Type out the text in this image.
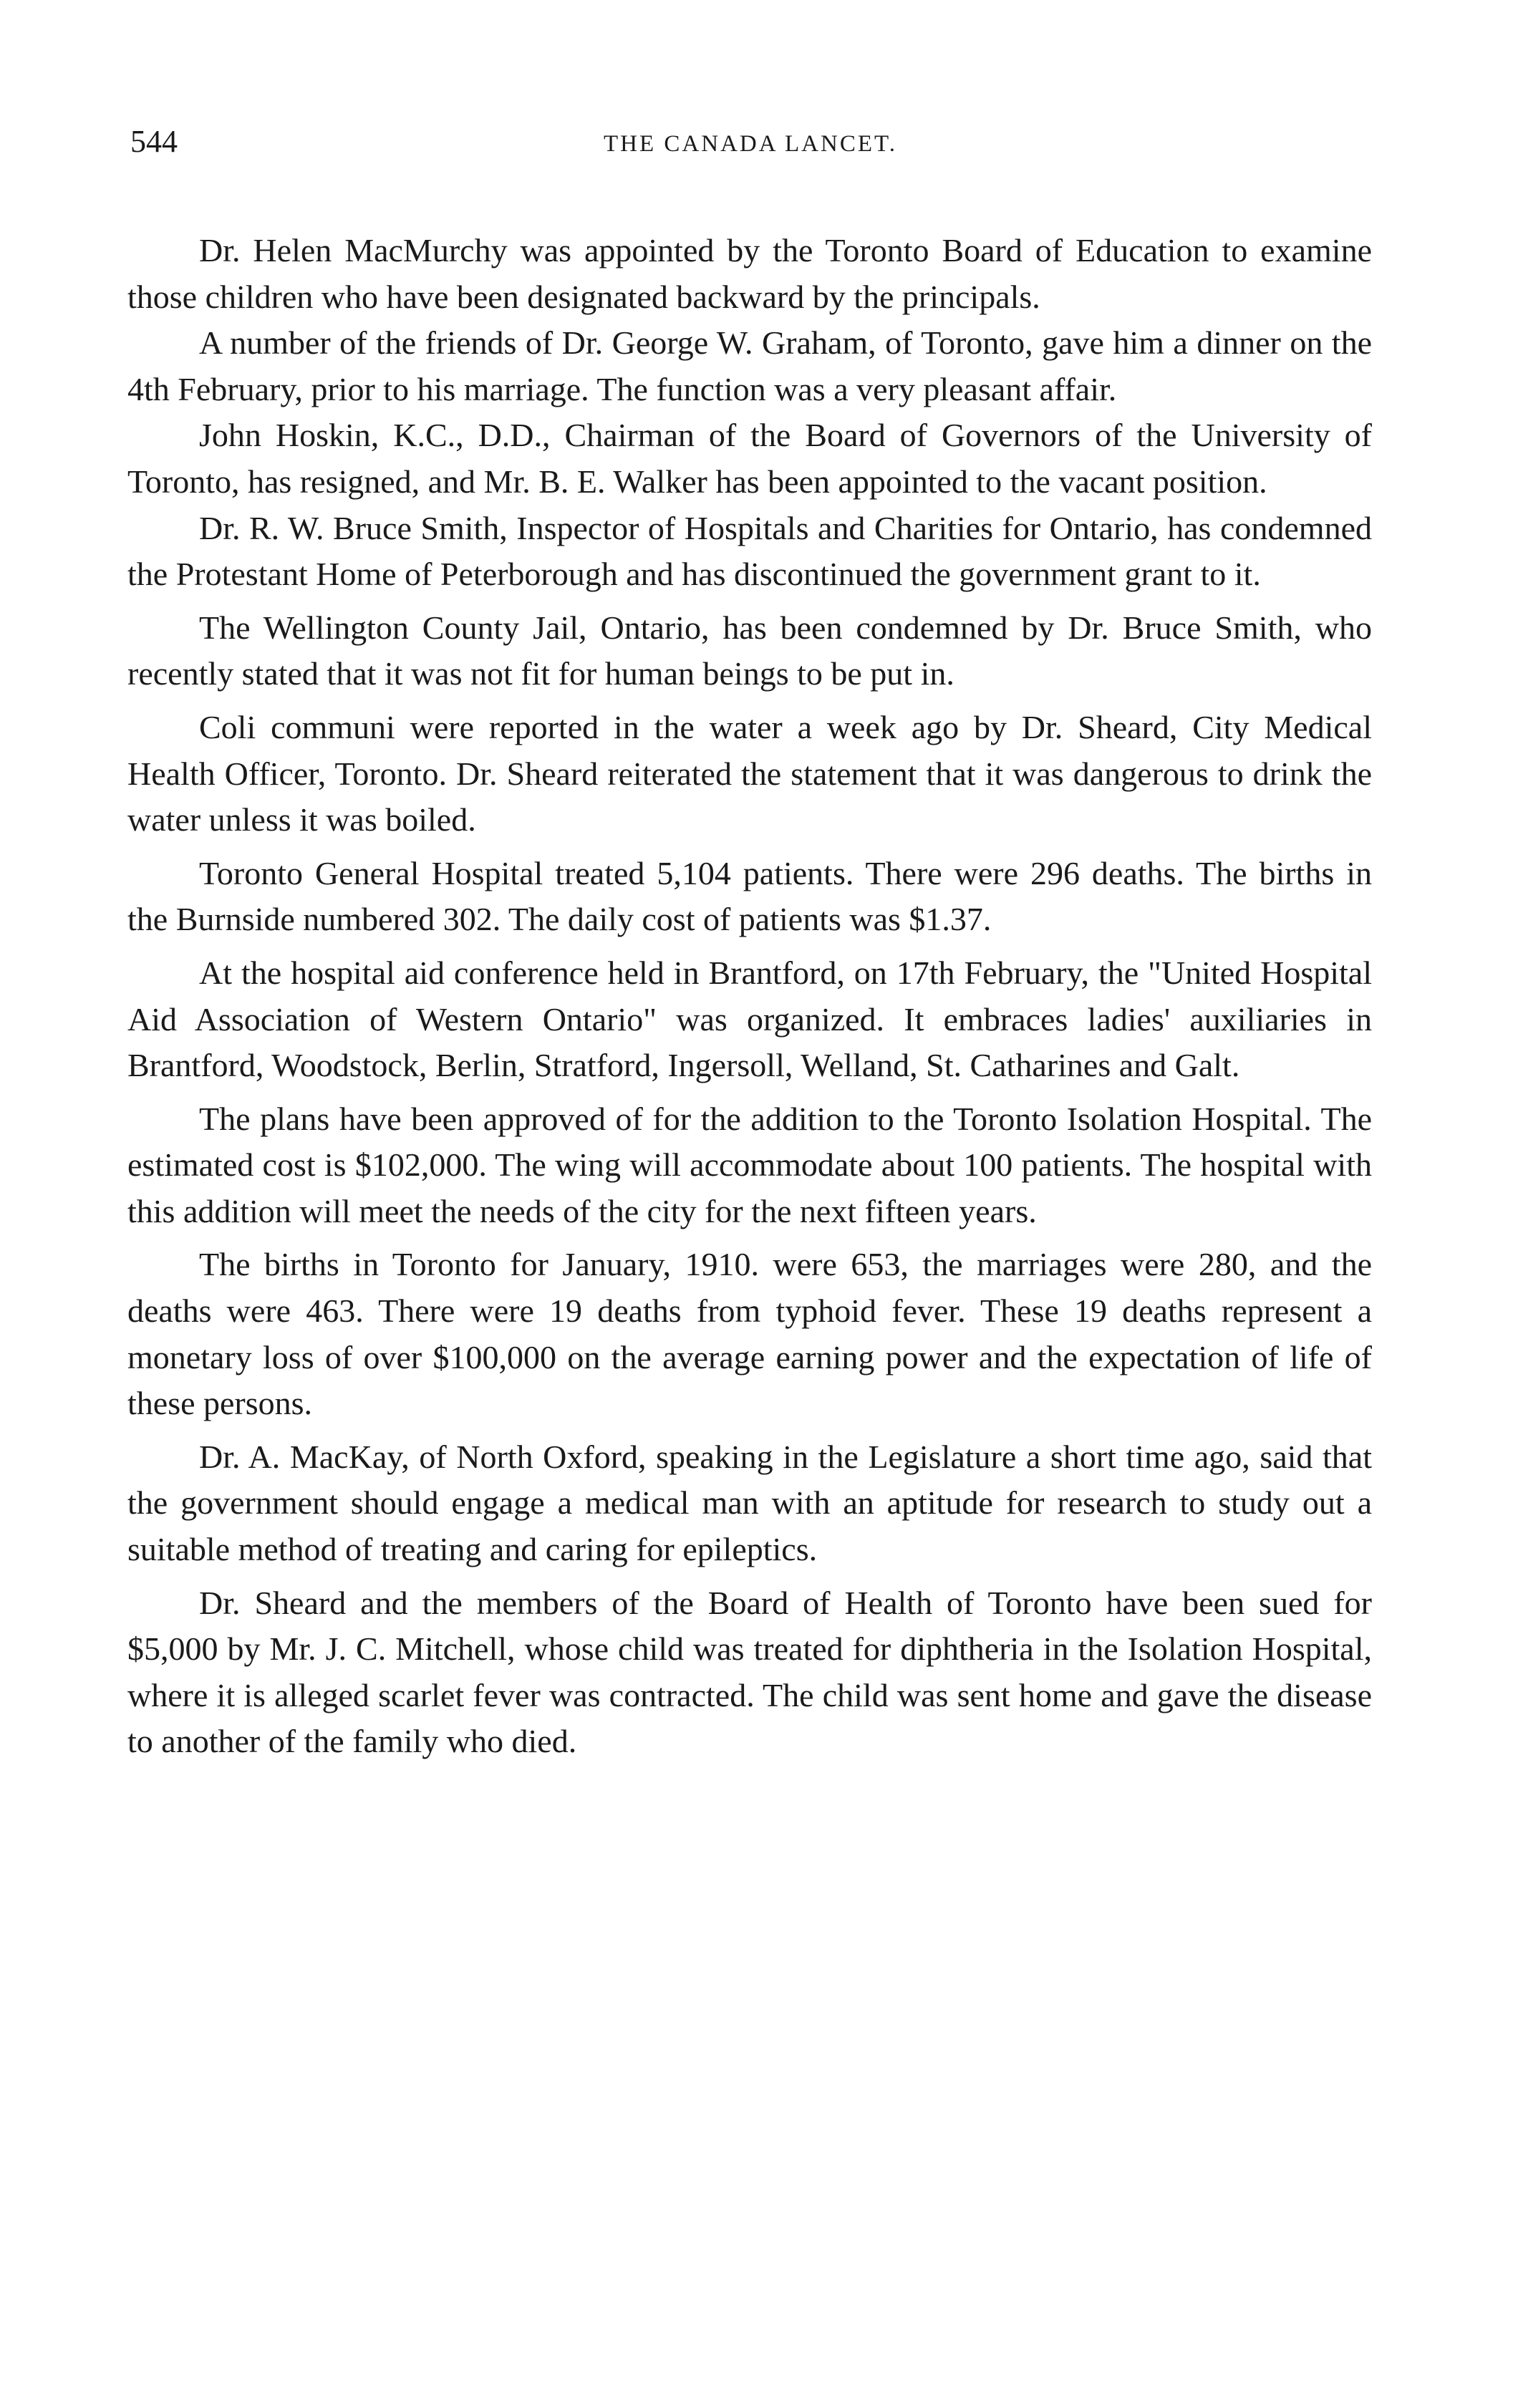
544	THE CANADA LANCET.

Dr. Helen MacMurchy was appointed by the Toronto Board of Education to examine those children who have been designated backward by the principals.

A number of the friends of Dr. George W. Graham, of Toronto, gave him a dinner on the 4th February, prior to his marriage. The function was a very pleasant affair.

John Hoskin, K.C., D.D., Chairman of the Board of Governors of the University of Toronto, has resigned, and Mr. B. E. Walker has been appointed to the vacant position.

Dr. R. W. Bruce Smith, Inspector of Hospitals and Charities for Ontario, has condemned the Protestant Home of Peterborough and has discontinued the government grant to it.

The Wellington County Jail, Ontario, has been condemned by Dr. Bruce Smith, who recently stated that it was not fit for human beings to be put in.

Coli communi were reported in the water a week ago by Dr. Sheard, City Medical Health Officer, Toronto. Dr. Sheard reiterated the statement that it was dangerous to drink the water unless it was boiled.

Toronto General Hospital treated 5,104 patients. There were 296 deaths. The births in the Burnside numbered 302. The daily cost of patients was $1.37.

At the hospital aid conference held in Brantford, on 17th February, the "United Hospital Aid Association of Western Ontario" was organized. It embraces ladies' auxiliaries in Brantford, Woodstock, Berlin, Stratford, Ingersoll, Welland, St. Catharines and Galt.

The plans have been approved of for the addition to the Toronto Isolation Hospital. The estimated cost is $102,000. The wing will accommodate about 100 patients. The hospital with this addition will meet the needs of the city for the next fifteen years.

The births in Toronto for January, 1910. were 653, the marriages were 280, and the deaths were 463. There were 19 deaths from typhoid fever. These 19 deaths represent a monetary loss of over $100,000 on the average earning power and the expectation of life of these persons.

Dr. A. MacKay, of North Oxford, speaking in the Legislature a short time ago, said that the government should engage a medical man with an aptitude for research to study out a suitable method of treating and caring for epileptics.

Dr. Sheard and the members of the Board of Health of Toronto have been sued for $5,000 by Mr. J. C. Mitchell, whose child was treated for diphtheria in the Isolation Hospital, where it is alleged scarlet fever was contracted. The child was sent home and gave the disease to another of the family who died.
